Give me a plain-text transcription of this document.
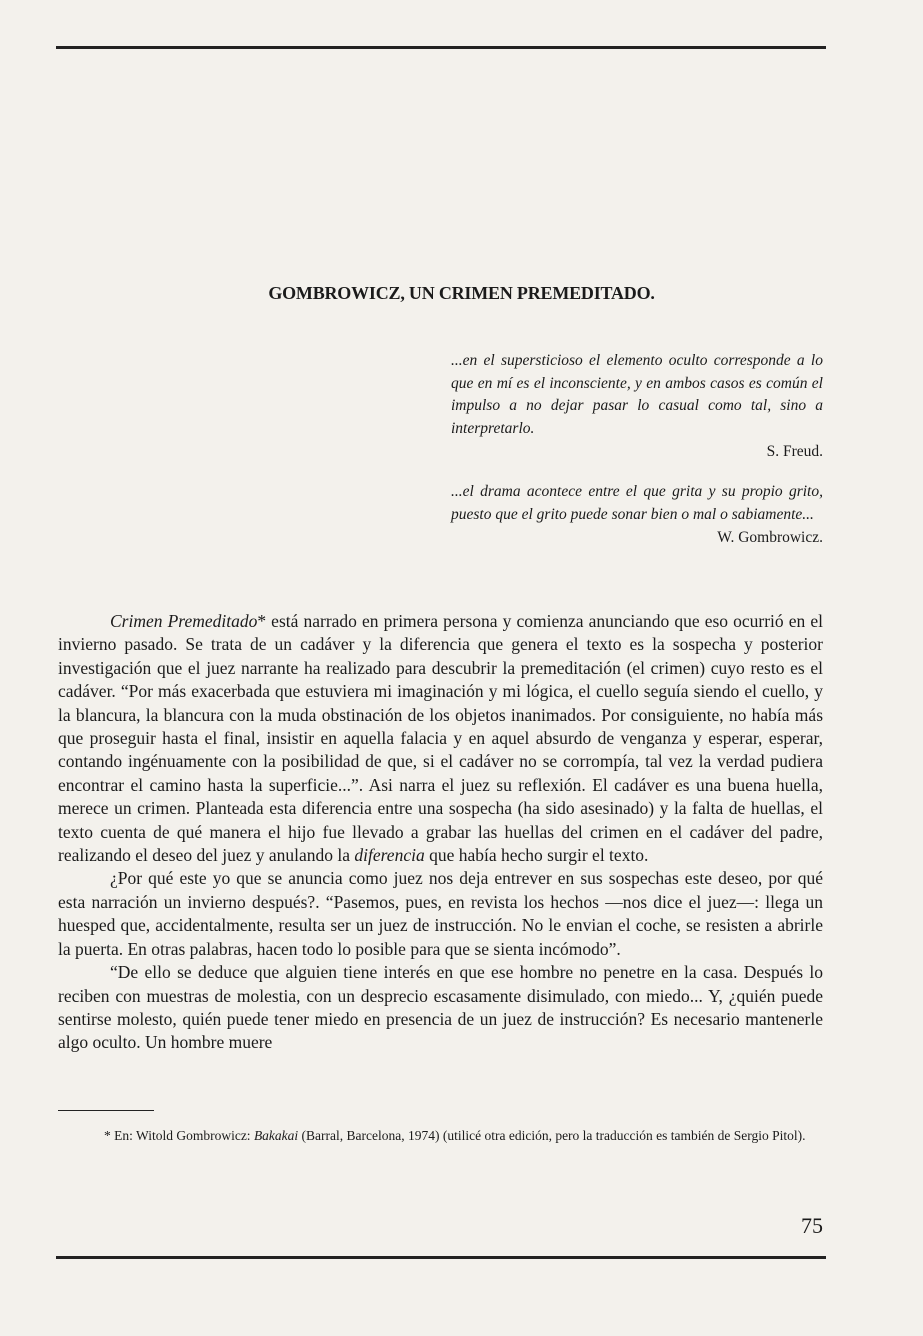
GOMBROWICZ, UN CRIMEN PREMEDITADO.

...en el supersticioso el elemento oculto corresponde a lo que en mí es el inconsciente, y en ambos casos es común el impulso a no dejar pasar lo casual como tal, sino a interpretarlo.

S. Freud.

...el drama acontece entre el que grita y su propio grito, puesto que el grito puede sonar bien o mal o sabiamente...

W. Gombrowicz.

Crimen Premeditado* está narrado en primera persona y comienza anunciando que eso ocurrió en el invierno pasado. Se trata de un cadáver y la diferencia que genera el texto es la sospecha y posterior investigación que el juez narrante ha realizado para descubrir la premeditación (el crimen) cuyo resto es el cadáver. “Por más exacerbada que estuviera mi imaginación y mi lógica, el cuello seguía siendo el cuello, y la blancura, la blancura con la muda obstinación de los objetos inanimados. Por consiguiente, no había más que proseguir hasta el final, insistir en aquella falacia y en aquel absurdo de venganza y esperar, esperar, contando ingénuamente con la posibilidad de que, si el cadáver no se corrompía, tal vez la verdad pudiera encontrar el camino hasta la superficie...”. Asi narra el juez su reflexión. El cadáver es una buena huella, merece un crimen. Planteada esta diferencia entre una sospecha (ha sido asesinado) y la falta de huellas, el texto cuenta de qué manera el hijo fue llevado a grabar las huellas del crimen en el cadáver del padre, realizando el deseo del juez y anulando la diferencia que había hecho surgir el texto.

¿Por qué este yo que se anuncia como juez nos deja entrever en sus sospechas este deseo, por qué esta narración un invierno después?. “Pasemos, pues, en revista los hechos —nos dice el juez—: llega un huesped que, accidentalmente, resulta ser un juez de instrucción. No le envian el coche, se resisten a abrirle la puerta. En otras palabras, hacen todo lo posible para que se sienta incómodo”.

“De ello se deduce que alguien tiene interés en que ese hombre no penetre en la casa. Después lo reciben con muestras de molestia, con un desprecio escasamente disimulado, con miedo... Y, ¿quién puede sentirse molesto, quién puede tener miedo en presencia de un juez de instrucción? Es necesario mantenerle algo oculto. Un hombre muere

* En: Witold Gombrowicz: Bakakai (Barral, Barcelona, 1974) (utilicé otra edición, pero la traducción es también de Sergio Pitol).

75
